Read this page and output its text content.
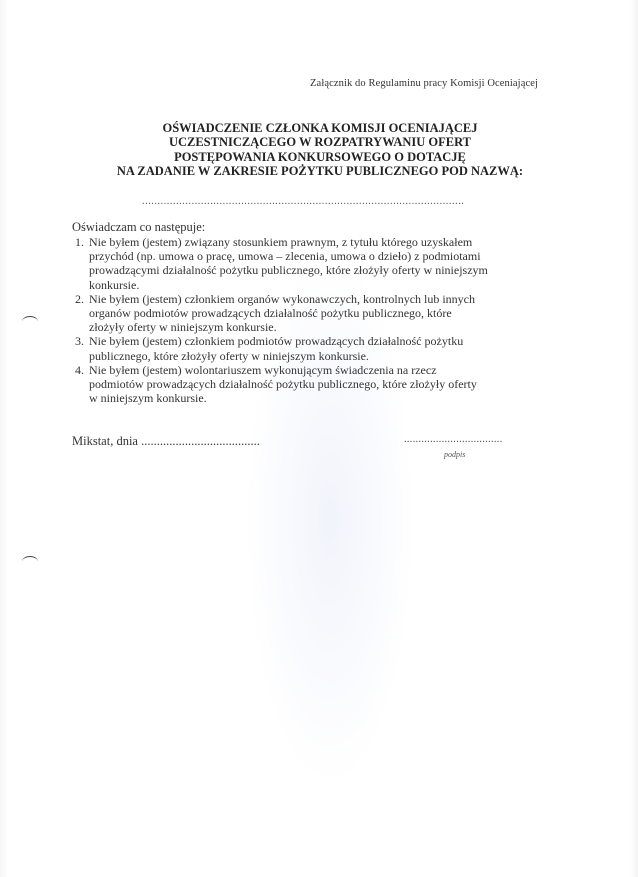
Załącznik do Regulaminu pracy Komisji Oceniającej
OŚWIADCZENIE CZŁONKA KOMISJI OCENIAJĄCEJ
UCZESTNICZĄCEGO W ROZPATRYWANIU OFERT
POSTĘPOWANIA KONKURSOWEGO O DOTACJĘ
NA ZADANIE W ZAKRESIE POŻYTKU PUBLICZNEGO POD NAZWĄ:
........................................................................................................
Oświadczam co następuje:
1. Nie byłem (jestem) związany stosunkiem prawnym, z tytułu którego uzyskałem
przychód (np. umowa o pracę, umowa – zlecenia, umowa o dzieło) z podmiotami
prowadzącymi działalność pożytku publicznego, które złożyły oferty w niniejszym
konkursie.
2. Nie byłem (jestem) członkiem organów wykonawczych, kontrolnych lub innych
organów podmiotów prowadzących działalność pożytku publicznego, które
złożyły oferty w niniejszym konkursie.
3. Nie byłem (jestem) członkiem podmiotów prowadzących działalność pożytku
publicznego, które złożyły oferty w niniejszym konkursie.
4. Nie byłem (jestem) wolontariuszem wykonującym świadczenia na rzecz
podmiotów prowadzących działalność pożytku publicznego, które złożyły oferty
w niniejszym konkursie.
Mikstat, dnia ......................................	..................................
podpis
